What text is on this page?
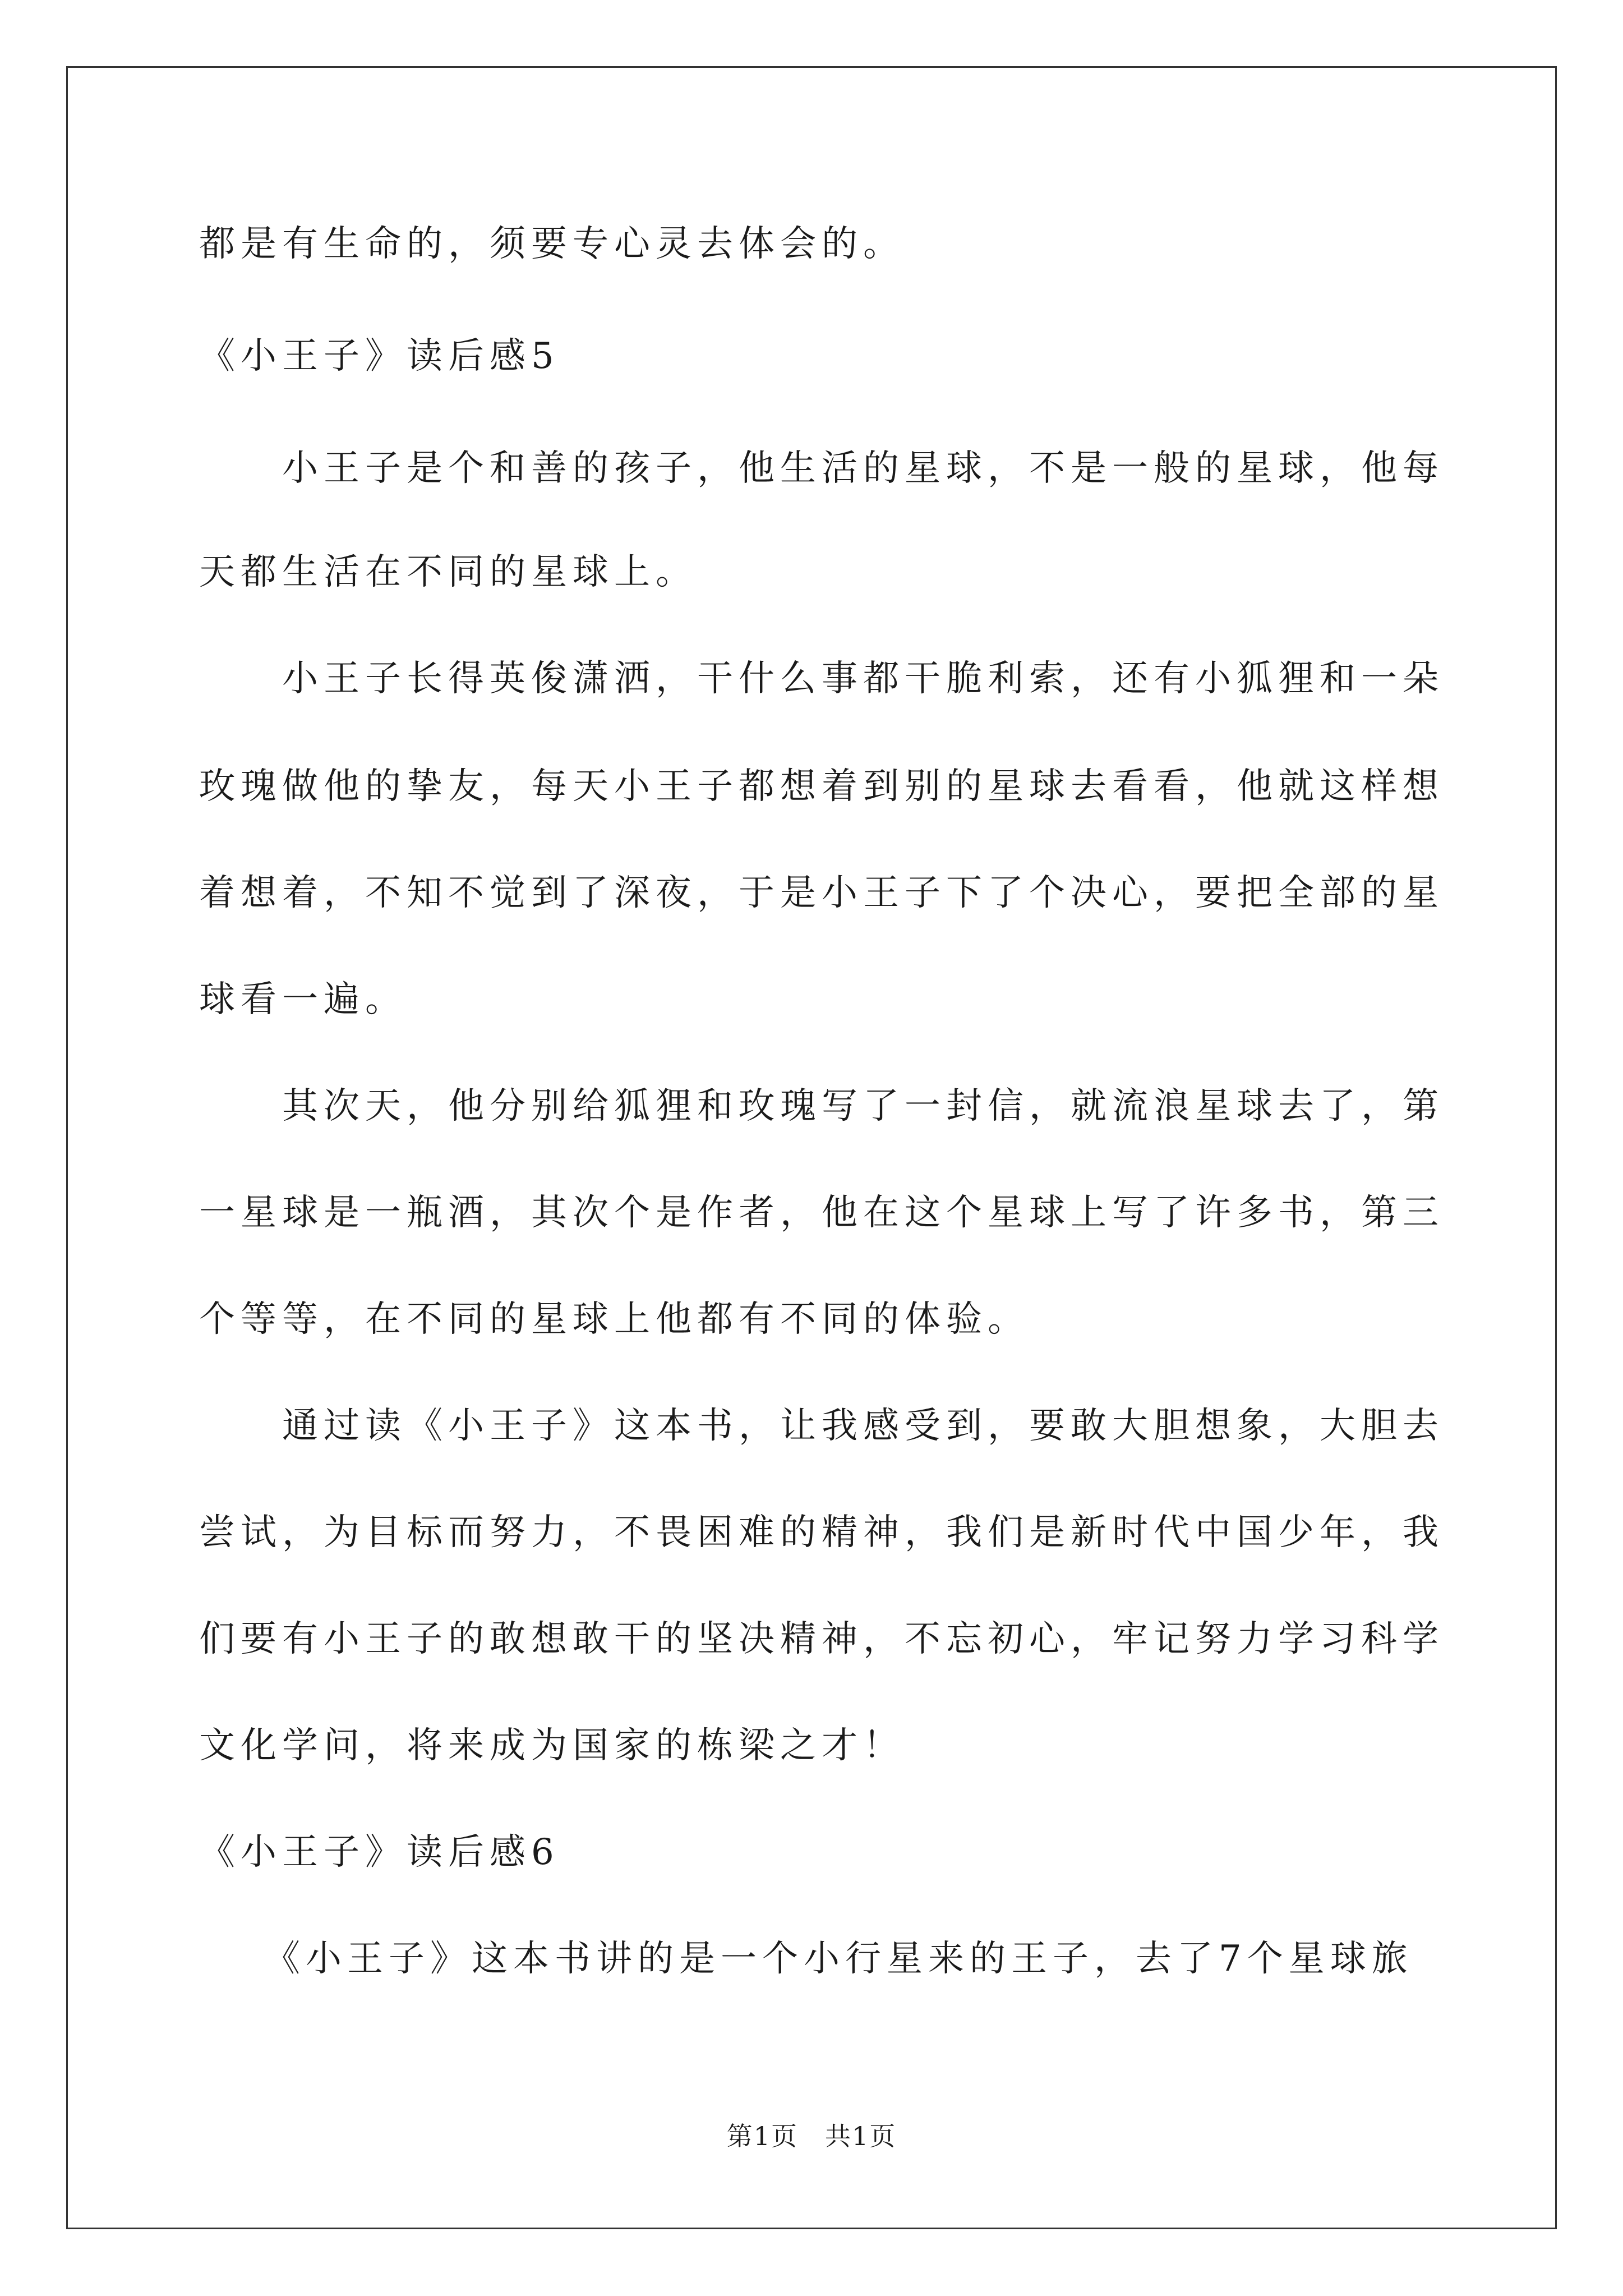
都是有生命的，须要专心灵去体会的。
《小王子》读后感5
　　小王子是个和善的孩子，他生活的星球，不是一般的星球，他每
天都生活在不同的星球上。
　　小王子长得英俊潇洒，干什么事都干脆利索，还有小狐狸和一朵
玫瑰做他的挚友，每天小王子都想着到别的星球去看看，他就这样想
着想着，不知不觉到了深夜，于是小王子下了个决心，要把全部的星
球看一遍。
　　其次天，他分别给狐狸和玫瑰写了一封信，就流浪星球去了，第
一星球是一瓶酒，其次个是作者，他在这个星球上写了许多书，第三
个等等，在不同的星球上他都有不同的体验。
　　通过读《小王子》这本书，让我感受到，要敢大胆想象，大胆去
尝试，为目标而努力，不畏困难的精神，我们是新时代中国少年，我
们要有小王子的敢想敢干的坚决精神，不忘初心，牢记努力学习科学
文化学问，将来成为国家的栋梁之才！
《小王子》读后感6
　　《小王子》这本书讲的是一个小行星来的王子，去了7个星球旅
第1页　共1页
